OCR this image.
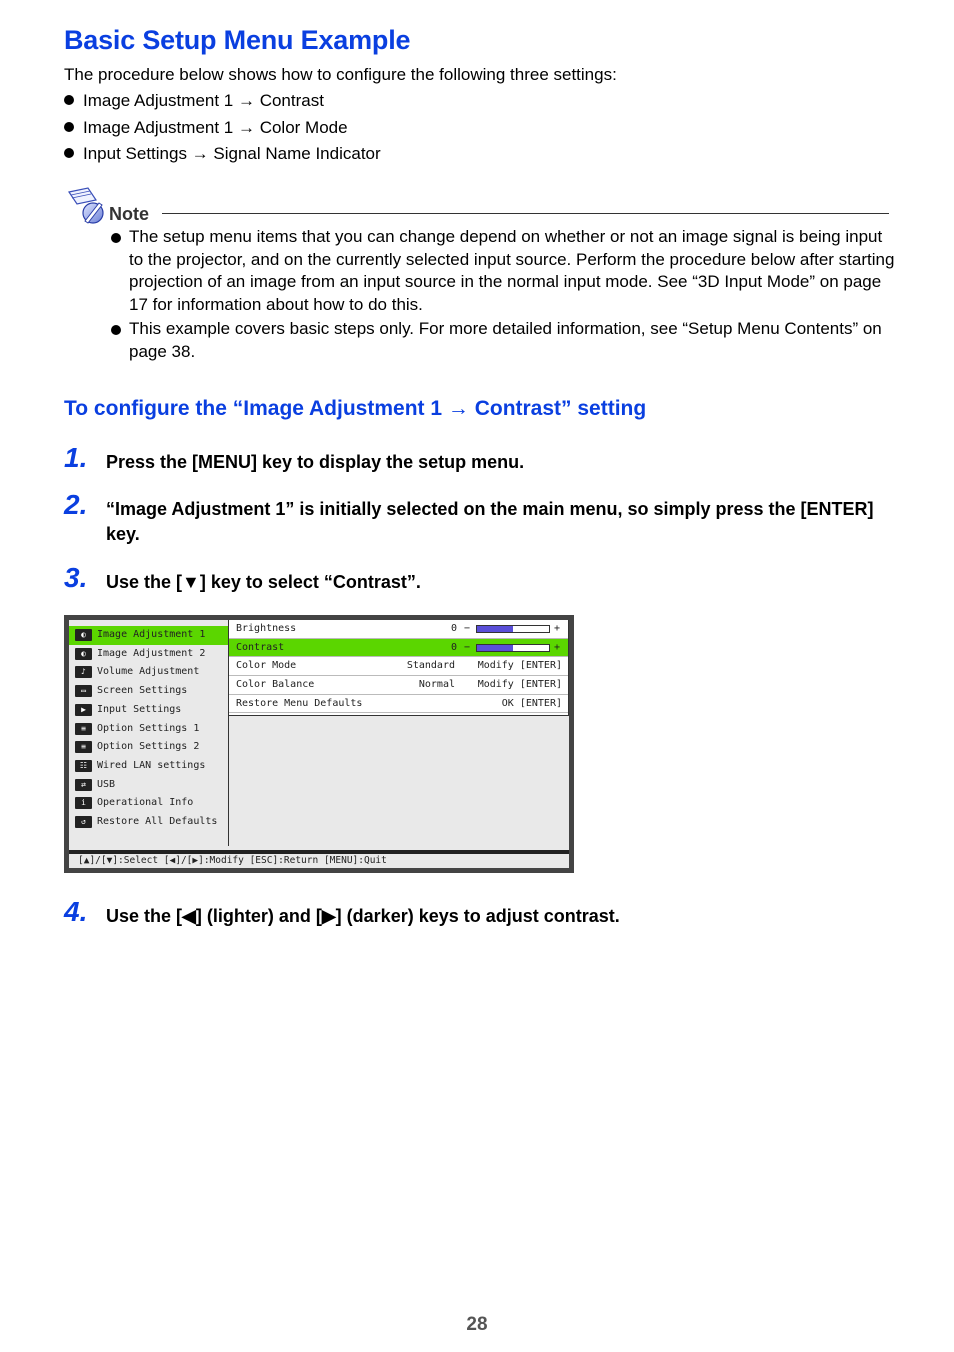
Basic Setup Menu Example
The procedure below shows how to configure the following three settings:
Image Adjustment 1 → Contrast
Image Adjustment 1 → Color Mode
Input Settings → Signal Name Indicator
Note
The setup menu items that you can change depend on whether or not an image signal is being input to the projector, and on the currently selected input source. Perform the procedure below after starting projection of an image from an input source in the normal input mode. See “3D Input Mode” on page 17 for information about how to do this.
This example covers basic steps only. For more detailed information, see “Setup Menu Contents” on page 38.
To configure the “Image Adjustment 1 → Contrast” setting
1. Press the [MENU] key to display the setup menu.
2. “Image Adjustment 1” is initially selected on the main menu, so simply press the [ENTER] key.
3. Use the [▼] key to select “Contrast”.
◐	Image Adjustment 1
◐	Image Adjustment 2
♪	Volume Adjustment
▭	Screen Settings
▶	Input Settings
≡	Option Settings 1
≡	Option Settings 2
☷ Wired LAN settings
⇄	USB
i	Operational Info
↺	Restore All Defaults
Brightness	0 −	+
Contrast	0 −	+
Color Mode	Standard Modify [ENTER]
Color Balance	Normal Modify [ENTER]
Restore Menu Defaults	OK [ENTER]
[▲]/[▼]:Select [◀]/[▶]:Modify [ESC]:Return [MENU]:Quit
4. Use the [◀] (lighter) and [▶] (darker) keys to adjust contrast.
28
